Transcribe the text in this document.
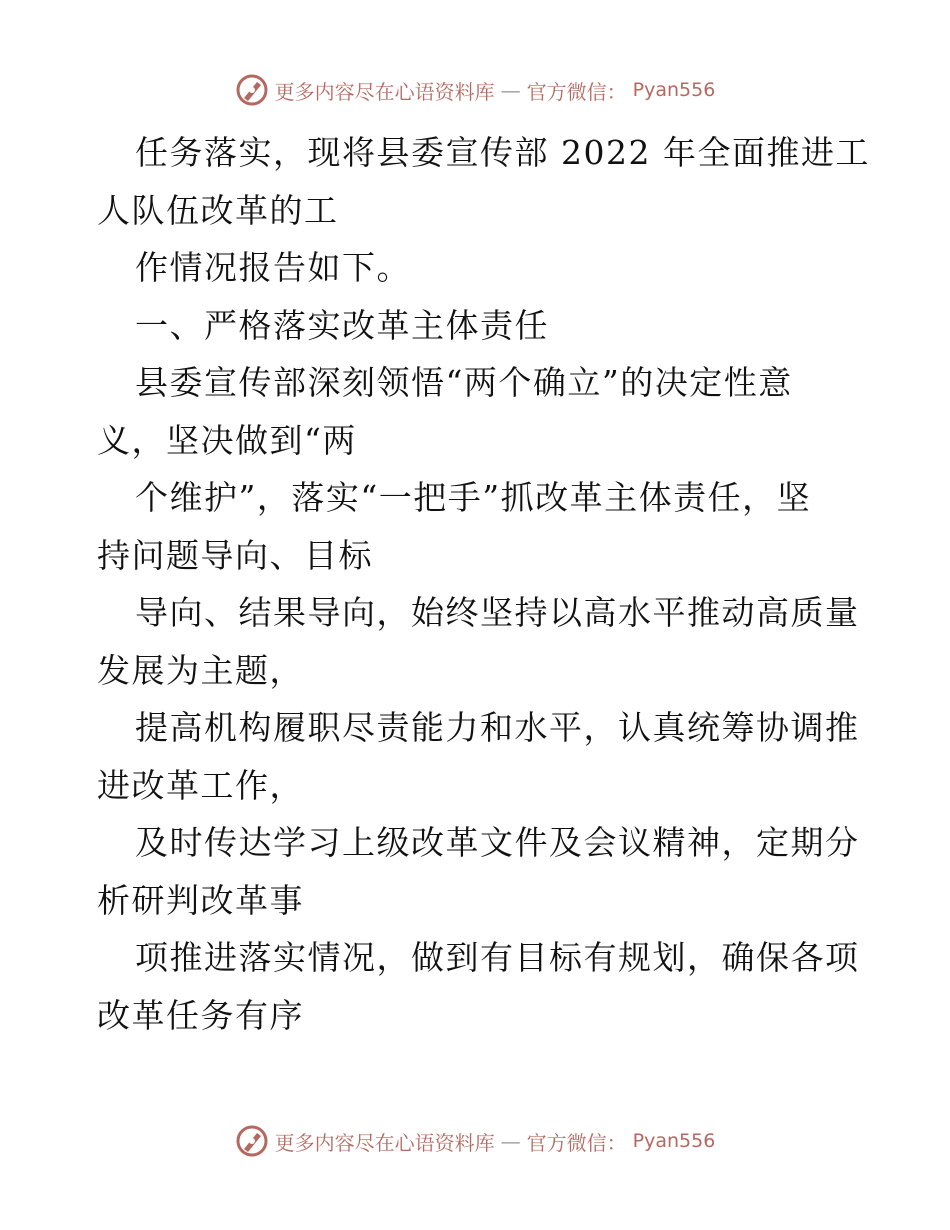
更多内容尽在心语资料库 — 官方微信： Pyan556
任务落实，现将县委宣传部 2022 年全面推进工
人队伍改革的工
作情况报告如下。
一、严格落实改革主体责任
县委宣传部深刻领悟“两个确立”的决定性意
义，坚决做到“两
个维护”，落实“一把手”抓改革主体责任，坚
持问题导向、目标
导向、结果导向，始终坚持以高水平推动高质量
发展为主题，
提高机构履职尽责能力和水平，认真统筹协调推
进改革工作，
及时传达学习上级改革文件及会议精神，定期分
析研判改革事
项推进落实情况，做到有目标有规划，确保各项
改革任务有序
更多内容尽在心语资料库 — 官方微信： Pyan556
